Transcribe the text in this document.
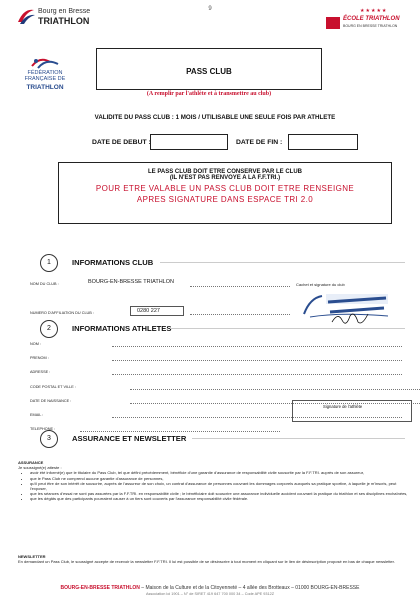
9
Bourg en Bresse
TRIATHLON
★★★★★
ÉCOLE TRIATHLON
BOURG EN BRESSE TRIATHLON
FÉDÉRATION
FRANÇAISE DE
TRIATHLON
PASS CLUB
(A remplir par l'athlète et à transmettre au club)
VALIDITE DU PASS CLUB : 1 MOIS / UTILISABLE UNE SEULE FOIS PAR ATHLETE
DATE DE DEBUT :	DATE DE FIN :
LE PASS CLUB DOIT ETRE CONSERVE PAR LE CLUB
(IL N'EST PAS RENVOYE A LA F.F.TRI.)
POUR ETRE VALABLE UN PASS CLUB DOIT ETRE RENSEIGNE
APRES SIGNATURE DANS ESPACE TRI 2.0
1	INFORMATIONS CLUB
NOM DU CLUB :	BOURG-EN-BRESSE TRIATHLON
NUMERO D'AFFILIATION DU CLUB :	0280 227
Cachet et signature du club
2	INFORMATIONS ATHLETES
NOM :
PRENOM :
ADRESSE :
CODE POSTAL ET VILLE :
DATE DE NAISSANCE :
EMAIL :
TELEPHONE :
Signature de l'athlète
3	ASSURANCE ET NEWSLETTER
ASSURANCE
Je soussigné(e) atteste :
• avoir été informé(e) que le titulaire du Pass Club, tel que défini précédemment, bénéficie d'une garantie d'assurance de responsabilité civile souscrite par la F.F.TRI. auprès de son assureur,
• que le Pass Club ne comprend aucune garantie d'assurance de personnes,
• qu'il peut être de son intérêt de souscrire, auprès de l'assureur de son choix, un contrat d'assurance de personnes couvrant les dommages corporels auxquels sa pratique sportive, à laquelle je m'inscris, peut l'exposer,
• que les séances d'essai ne sont pas assurées par la F.F.TRI. en responsabilité civile ; le bénéficiaire doit souscrire une assurance individuelle accident couvrant la pratique du triathlon et ses disciplines enchaînées,
• que les dégâts que des participants pourraient causer à un tiers sont couverts par l'assurance responsabilité civile fédérale.
NEWSLETTER
En demandant un Pass Club, le soussigné accepte de recevoir la newsletter F.F.TRI. Il lui est possible de se désinscrire à tout moment en cliquant sur le lien de désinscription proposé en bas de chaque newsletter.
BOURG-EN-BRESSE TRIATHLON – Maison de la Culture et de la Citoyenneté – 4 allée des Brotteaux – 01000 BOURG-EN-BRESSE
Association loi 1901 – N° de SIRET 419 647 700 000 34 – Code APE 9312Z
